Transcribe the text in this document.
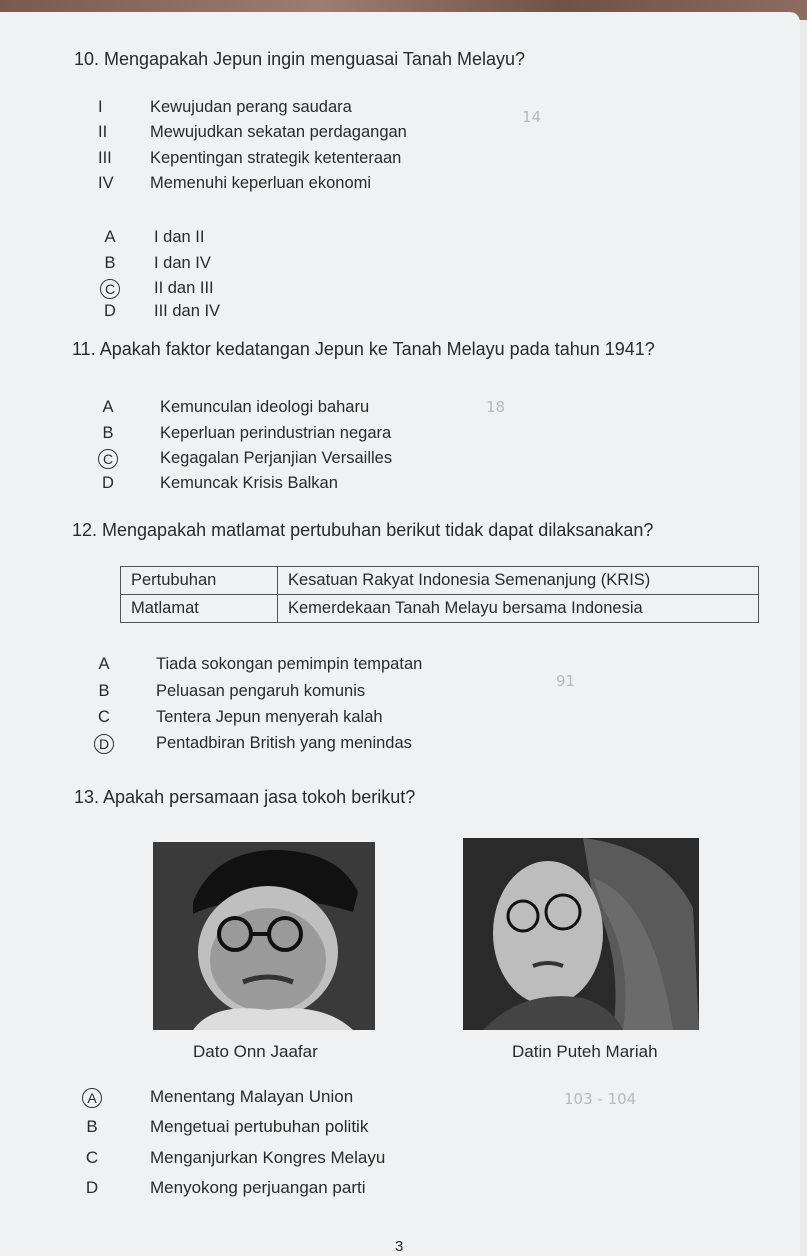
10. Mengapakah Jepun ingin menguasai Tanah Melayu?
I	Kewujudan perang saudara
II	Mewujudkan sekatan perdagangan
III	Kepentingan strategik ketenteraan
IV	Memenuhi keperluan ekonomi
14
A	I dan II
B	I dan IV
C	II dan III
D	III dan IV
11. Apakah faktor kedatangan Jepun ke Tanah Melayu pada tahun 1941?
A	Kemunculan ideologi baharu
B	Keperluan perindustrian negara
C	Kegagalan Perjanjian Versailles
D	Kemuncak Krisis Balkan
18
12. Mengapakah matlamat pertubuhan berikut tidak dapat dilaksanakan?
Pertubuhan	Kesatuan Rakyat Indonesia Semenanjung (KRIS)
Matlamat	Kemerdekaan Tanah Melayu bersama Indonesia
A	Tiada sokongan pemimpin tempatan
B	Peluasan pengaruh komunis
C	Tentera Jepun menyerah kalah
D	Pentadbiran British yang menindas
91
13. Apakah persamaan jasa tokoh berikut?
Dato Onn Jaafar	Datin Puteh Mariah
A	Menentang Malayan Union
B	Mengetuai pertubuhan politik
C	Menganjurkan Kongres Melayu
D	Menyokong perjuangan parti
103 - 104
3
